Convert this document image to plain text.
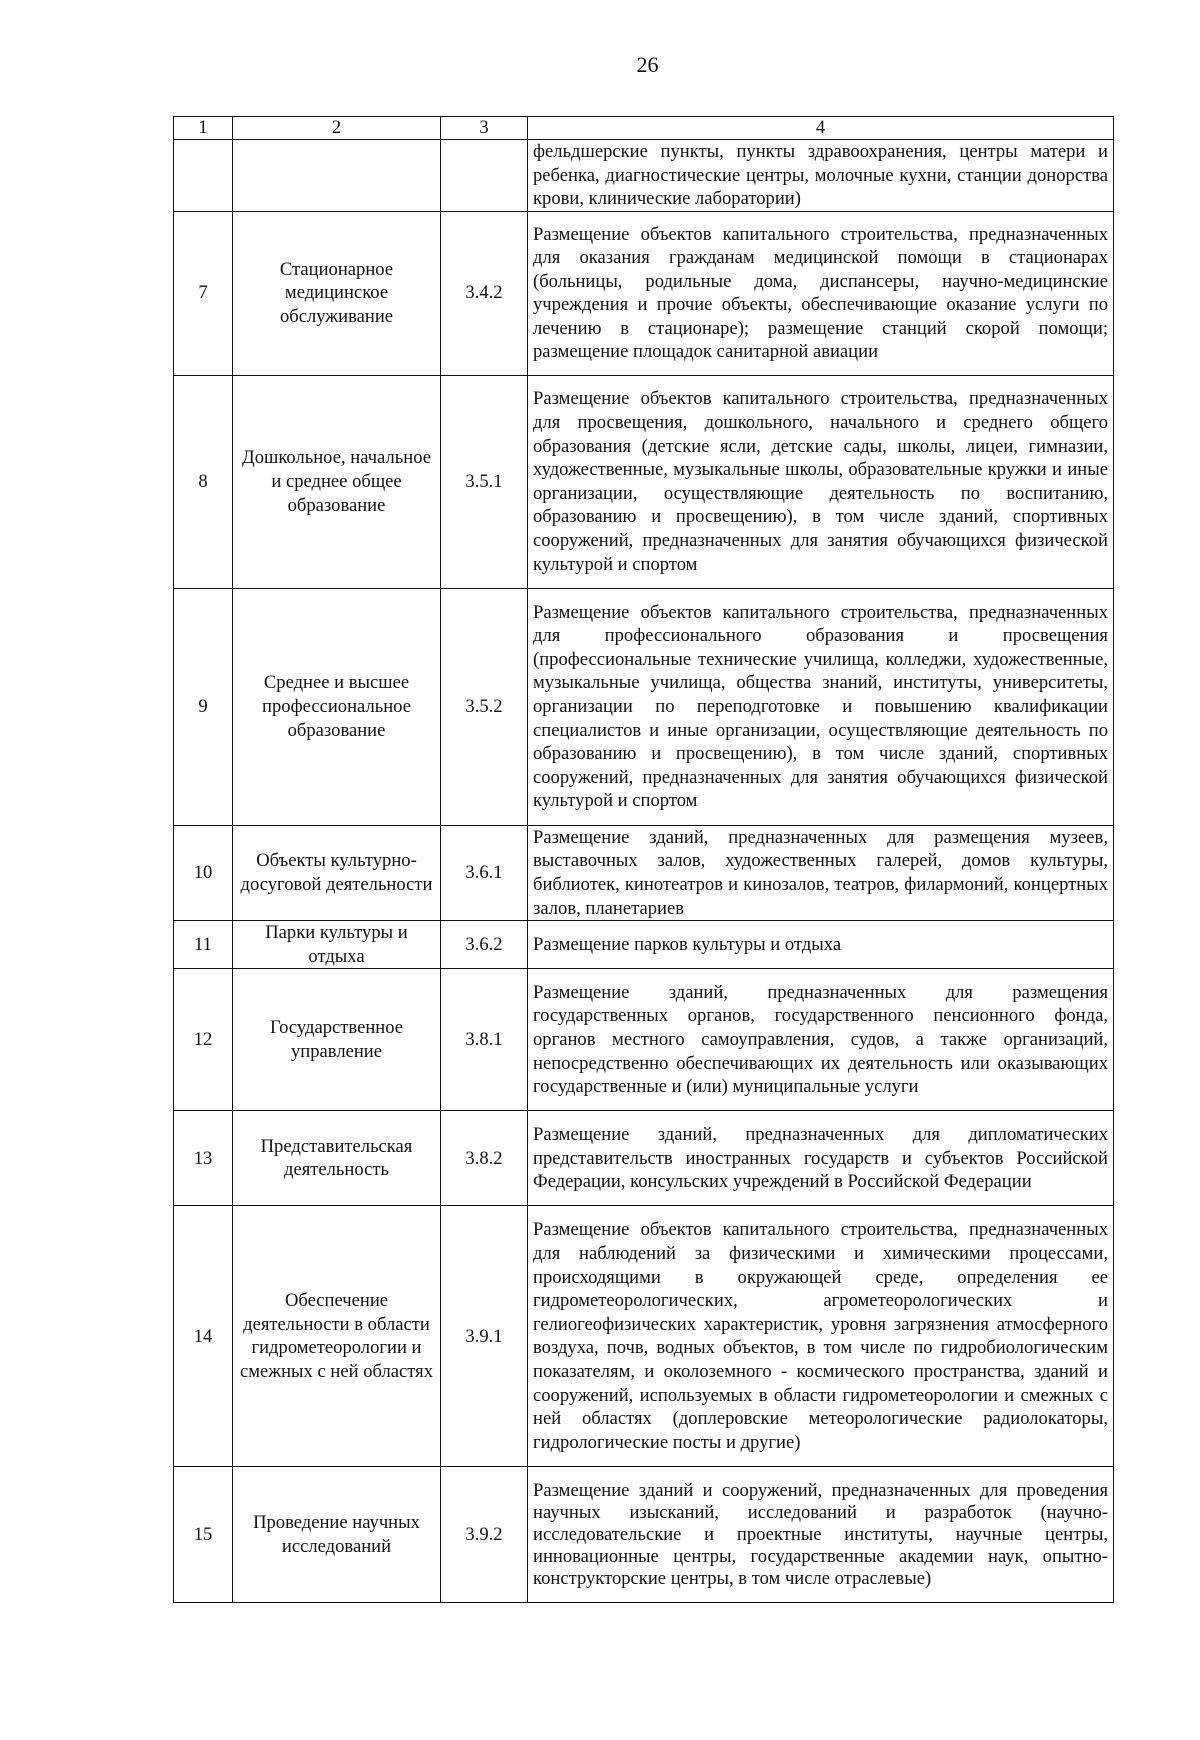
26
1	2	3	4
			фельдшерские пункты, пункты здравоохранения, центры матери и ребенка, диагностические центры, молочные кухни, станции донорства крови, клинические лаборатории)
7	Стационарное медицинское обслуживание	3.4.2	Размещение объектов капитального строительства, предназначенных для оказания гражданам медицинской помощи в стационарах (больницы, родильные дома, диспансеры, научно-медицинские учреждения и прочие объекты, обеспечивающие оказание услуги по лечению в стационаре); размещение станций скорой помощи; размещение площадок санитарной авиации
8	Дошкольное, начальное и среднее общее образование	3.5.1	Размещение объектов капитального строительства, предназначенных для просвещения, дошкольного, начального и среднего общего образования (детские ясли, детские сады, школы, лицеи, гимназии, художественные, музыкальные школы, образовательные кружки и иные организации, осуществляющие деятельность по воспитанию, образованию и просвещению), в том числе зданий, спортивных сооружений, предназначенных для занятия обучающихся физической культурой и спортом
9	Среднее и высшее профессиональное образование	3.5.2	Размещение объектов капитального строительства, предназначенных для профессионального образования и просвещения (профессиональные технические училища, колледжи, художественные, музыкальные училища, общества знаний, институты, университеты, организации по переподготовке и повышению квалификации специалистов и иные организации, осуществляющие деятельность по образованию и просвещению), в том числе зданий, спортивных сооружений, предназначенных для занятия обучающихся физической культурой и спортом
10	Объекты культурно-досуговой деятельности	3.6.1	Размещение зданий, предназначенных для размещения музеев, выставочных залов, художественных галерей, домов культуры, библиотек, кинотеатров и кинозалов, театров, филармоний, концертных залов, планетариев
11	Парки культуры и отдыха	3.6.2	Размещение парков культуры и отдыха
12	Государственное управление	3.8.1	Размещение зданий, предназначенных для размещения государственных органов, государственного пенсионного фонда, органов местного самоуправления, судов, а также организаций, непосредственно обеспечивающих их деятельность или оказывающих государственные и (или) муниципальные услуги
13	Представительская деятельность	3.8.2	Размещение зданий, предназначенных для дипломатических представительств иностранных государств и субъектов Российской Федерации, консульских учреждений в Российской Федерации
14	Обеспечение деятельности в области гидрометеорологии и смежных с ней областях	3.9.1	Размещение объектов капитального строительства, предназначенных для наблюдений за физическими и химическими процессами, происходящими в окружающей среде, определения ее гидрометеорологических, агрометеорологических и гелиогеофизических характеристик, уровня загрязнения атмосферного воздуха, почв, водных объектов, в том числе по гидробиологическим показателям, и околоземного - космического пространства, зданий и сооружений, используемых в области гидрометеорологии и смежных с ней областях (доплеровские метеорологические радиолокаторы, гидрологические посты и другие)
15	Проведение научных исследований	3.9.2	Размещение зданий и сооружений, предназначенных для проведения научных изысканий, исследований и разработок (научно-исследовательские и проектные институты, научные центры, инновационные центры, государственные академии наук, опытно-конструкторские центры, в том числе отраслевые)
